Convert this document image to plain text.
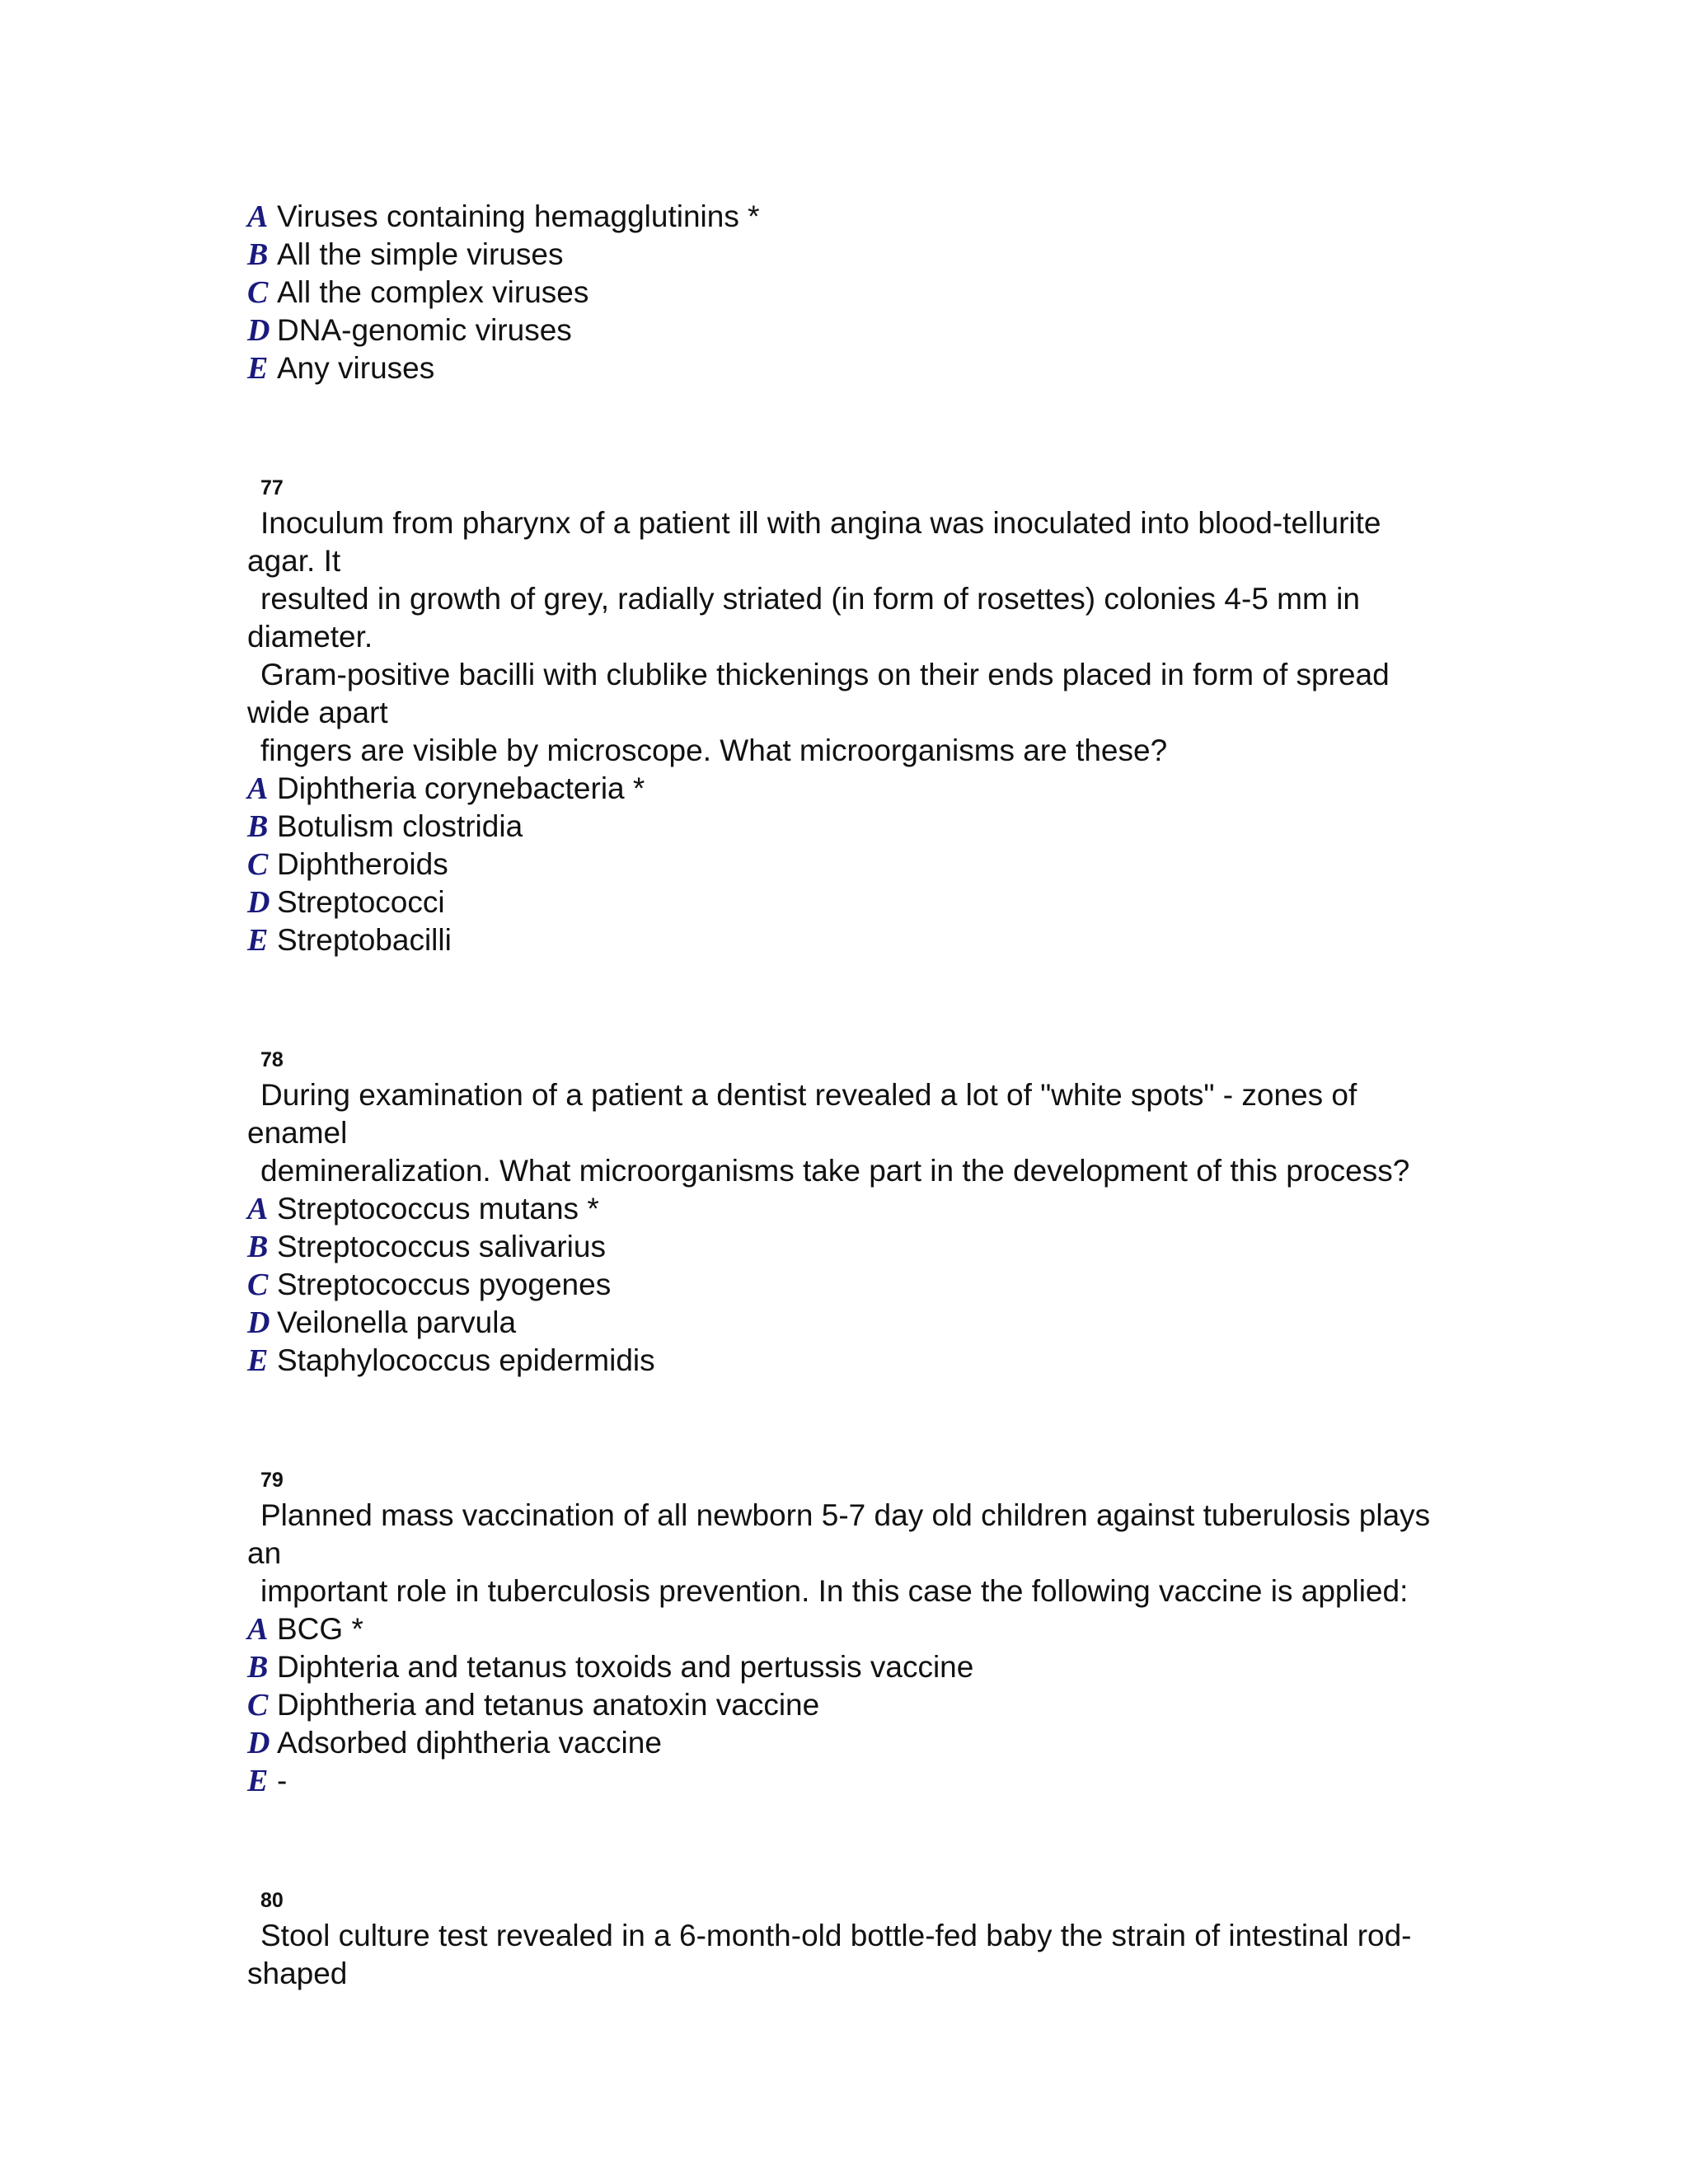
A Viruses containing hemagglutinins *
B All the simple viruses
C All the complex viruses
D DNA-genomic viruses
E Any viruses
77
Inoculum from pharynx of a patient ill with angina was inoculated into blood-tellurite
agar. It
resulted in growth of grey, radially striated (in form of rosettes) colonies 4-5 mm in
diameter.
Gram-positive bacilli with clublike thickenings on their ends placed in form of spread
wide apart
fingers are visible by microscope. What microorganisms are these?
A Diphtheria corynebacteria *
B Botulism clostridia
C Diphtheroids
D Streptococci
E Streptobacilli
78
During examination of a patient a dentist revealed a lot of "white spots" - zones of
enamel
demineralization. What microorganisms take part in the development of this process?
A Streptococcus mutans *
B Streptococcus salivarius
C Streptococcus pyogenes
D Veilonella parvula
E Staphylococcus epidermidis
79
Planned mass vaccination of all newborn 5-7 day old children against tuberulosis plays
an
important role in tuberculosis prevention. In this case the following vaccine is applied:
A BCG *
B Diphteria and tetanus toxoids and pertussis vaccine
C Diphtheria and tetanus anatoxin vaccine
D Adsorbed diphtheria vaccine
E -
80
Stool culture test revealed in a 6-month-old bottle-fed baby the strain of intestinal rod-
shaped
